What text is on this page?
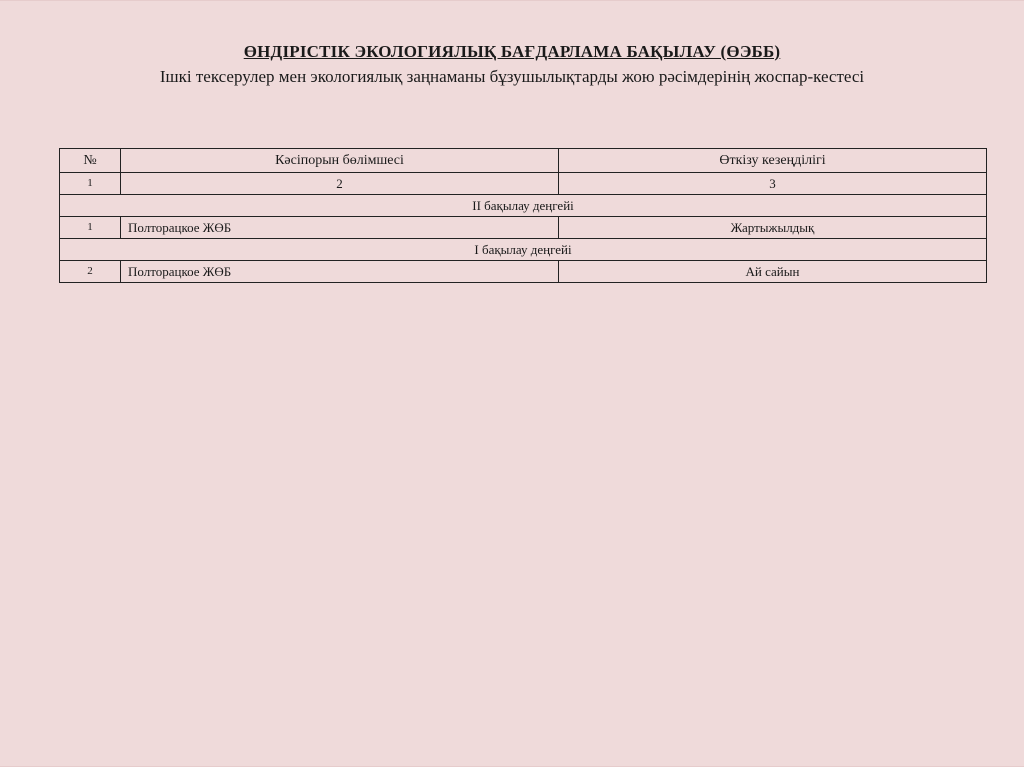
ӨНДІРІСТІК ЭКОЛОГИЯЛЫҚ БАҒДАРЛАМА БАҚЫЛАУ (ӨЭББ)
Ішкі тексерулер мен экологиялық заңнаманы бұзушылықтарды жою рәсімдерінің жоспар-кестесі
№	Кәсіпорын бөлімшесі	Өткізу кезеңділігі
1	2	3
ІІ бақылау деңгейі		
1	Полторацкое ЖӨБ	Жартыжылдық
І бақылау деңгейі		
2	Полторацкое ЖӨБ	Ай сайын
